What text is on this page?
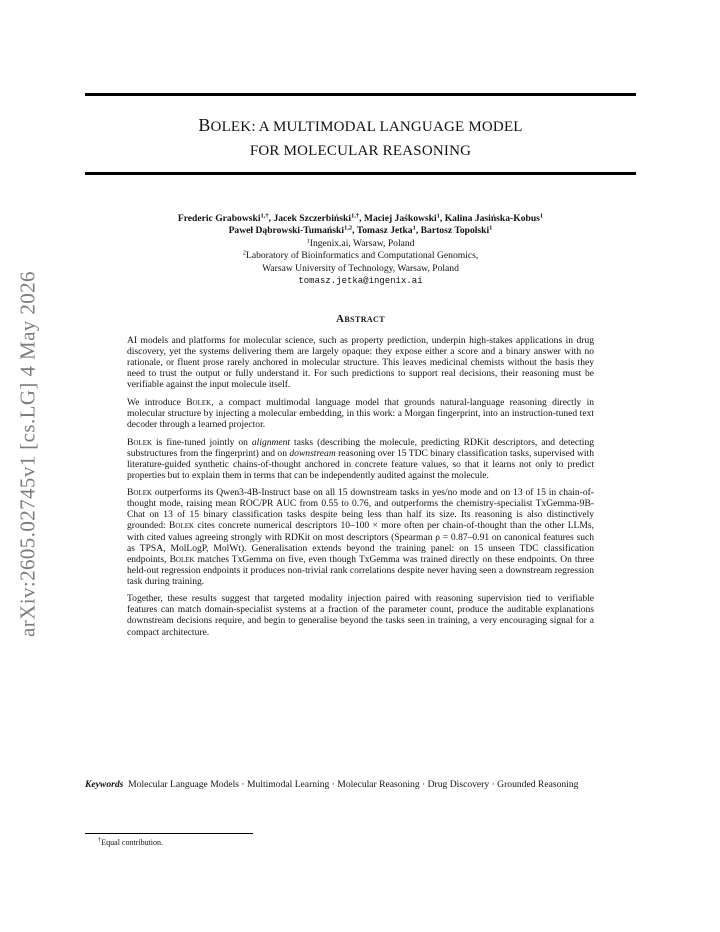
arXiv:2605.02745v1 [cs.LG] 4 May 2026
BOLEK: A MULTIMODAL LANGUAGE MODEL
FOR MOLECULAR REASONING
Frederic Grabowski$^{1,\dagger}$, Jacek Szczerbiński$^{1,\dagger}$, Maciej Jaśkowski$^1$, Kalina Jasińska-Kobus$^1$
Paweł Dąbrowski-Tumański$^{1,2}$, Tomasz Jetka$^1$, Bartosz Topolski$^1$
$^1$Ingenix.ai, Warsaw, Poland
$^2$Laboratory of Bioinformatics and Computational Genomics,
Warsaw University of Technology, Warsaw, Poland
tomasz.jetka@ingenix.ai
Abstract

AI models and platforms for molecular science, such as property prediction, underpin high-stakes applications in drug discovery, yet the systems delivering them are largely opaque: they expose either a score and a binary answer with no rationale, or fluent prose rarely anchored in molecular structure. This leaves medicinal chemists without the basis they need to trust the output or fully understand it. For such predictions to support real decisions, their reasoning must be verifiable against the input molecule itself.

We introduce Bolek, a compact multimodal language model that grounds natural-language reasoning directly in molecular structure by injecting a molecular embedding, in this work: a Morgan fingerprint, into an instruction-tuned text decoder through a learned projector.

Bolek is fine-tuned jointly on alignment tasks (describing the molecule, predicting RDKit descriptors, and detecting substructures from the fingerprint) and on downstream reasoning over 15 TDC binary classification tasks, supervised with literature-guided synthetic chains-of-thought anchored in concrete feature values, so that it learns not only to predict properties but to explain them in terms that can be independently audited against the molecule.

Bolek outperforms its Qwen3-4B-Instruct base on all 15 downstream tasks in yes/no mode and on 13 of 15 in chain-of-thought mode, raising mean ROC/PR AUC from 0.55 to 0.76, and outperforms the chemistry-specialist TxGemma-9B-Chat on 13 of 15 binary classification tasks despite being less than half its size. Its reasoning is also distinctively grounded: Bolek cites concrete numerical descriptors 10–100 × more often per chain-of-thought than the other LLMs, with cited values agreeing strongly with RDKit on most descriptors (Spearman ρ = 0.87–0.91 on canonical features such as TPSA, MolLogP, MolWt). Generalisation extends beyond the training panel: on 15 unseen TDC classification endpoints, Bolek matches TxGemma on five, even though TxGemma was trained directly on these endpoints. On three held-out regression endpoints it produces non-trivial rank correlations despite never having seen a downstream regression task during training.

Together, these results suggest that targeted modality injection paired with reasoning supervision tied to verifiable features can match domain-specialist systems at a fraction of the parameter count, produce the auditable explanations downstream decisions require, and begin to generalise beyond the tasks seen in training, a very encouraging signal for a compact architecture.

Keywords Molecular Language Models · Multimodal Learning · Molecular Reasoning · Drug Discovery · Grounded Reasoning
†Equal contribution.
